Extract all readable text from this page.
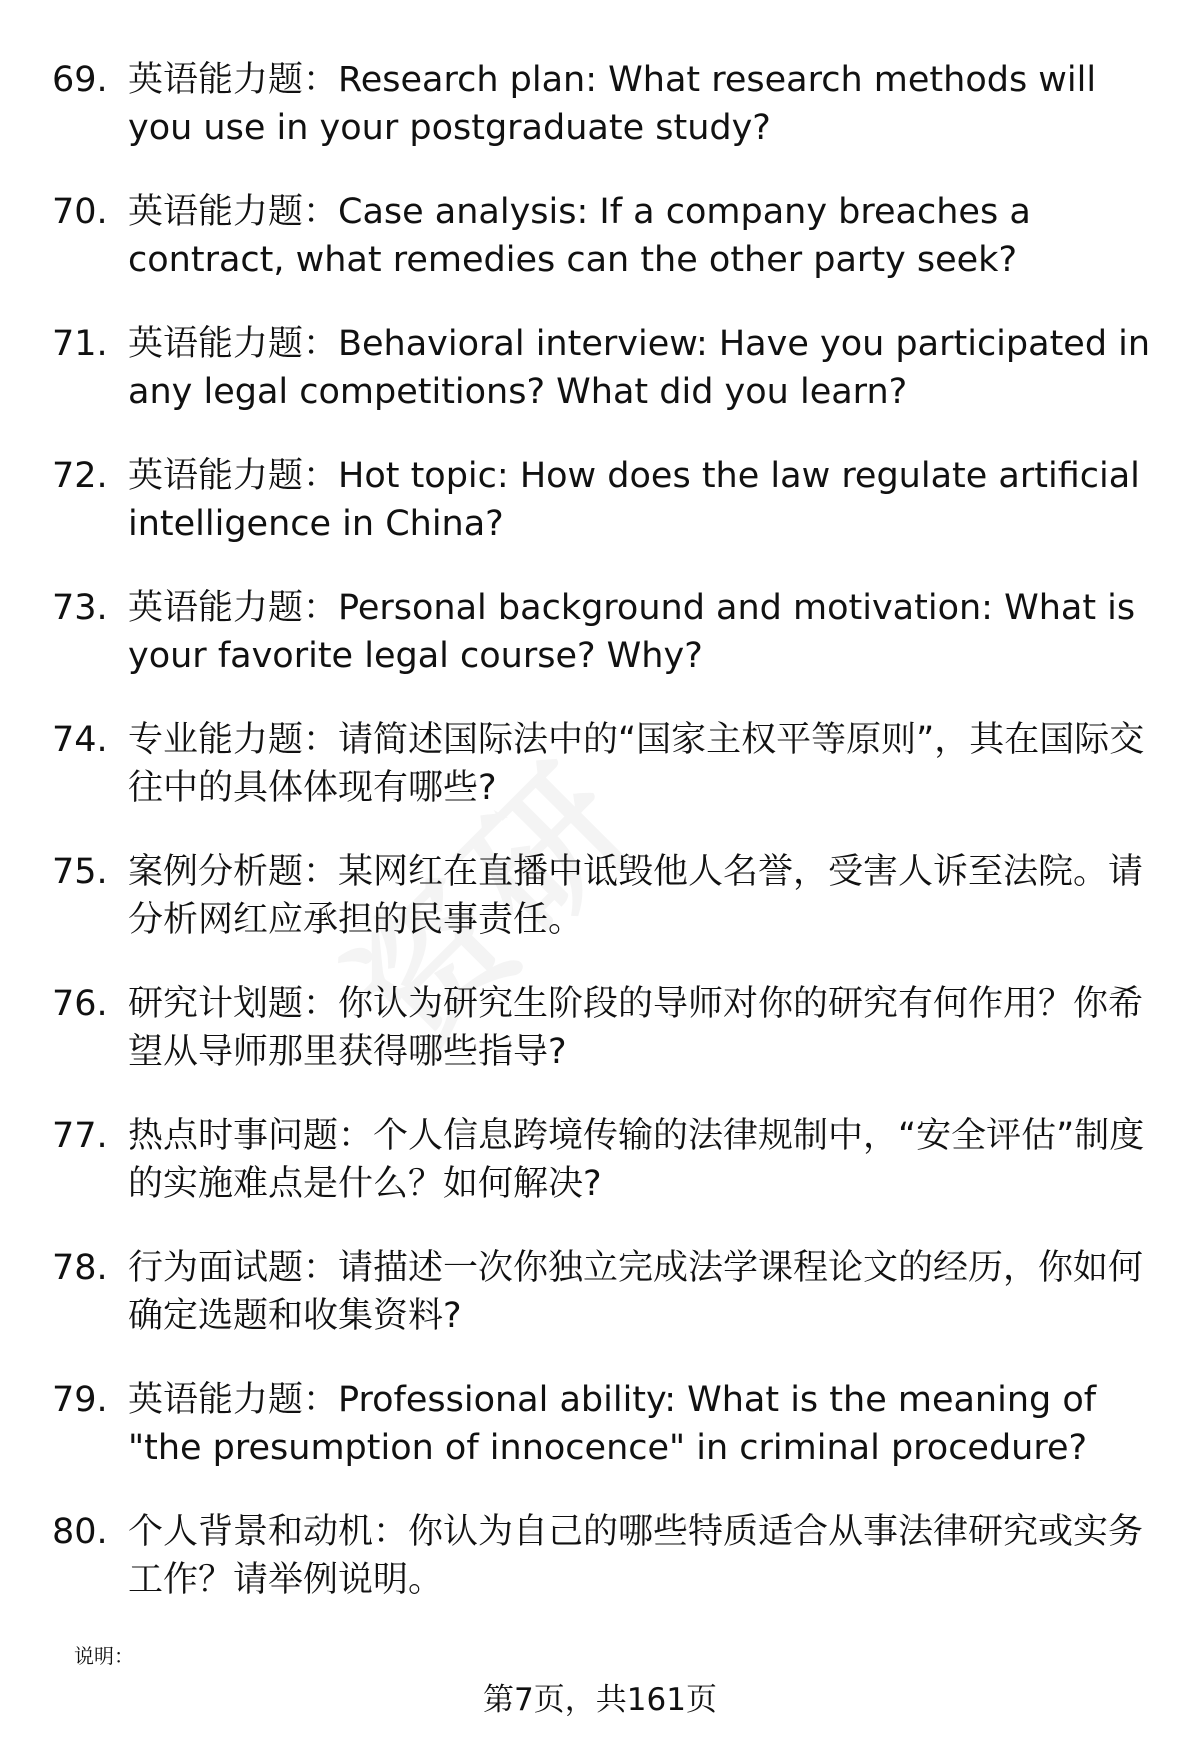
69. 英语能力题：Research plan: What research methods will you use in your postgraduate study?
70. 英语能力题：Case analysis: If a company breaches a contract, what remedies can the other party seek?
71. 英语能力题：Behavioral interview: Have you participated in any legal competitions? What did you learn?
72. 英语能力题：Hot topic: How does the law regulate artificial intelligence in China?
73. 英语能力题：Personal background and motivation: What is your favorite legal course? Why?
74. 专业能力题：请简述国际法中的“国家主权平等原则”，其在国际交往中的具体体现有哪些?
75. 案例分析题：某网红在直播中诋毁他人名誉，受害人诉至法院。请分析网红应承担的民事责任。
76. 研究计划题：你认为研究生阶段的导师对你的研究有何作用？你希望从导师那里获得哪些指导?
77. 热点时事问题：个人信息跨境传输的法律规制中，“安全评估”制度的实施难点是什么？如何解决?
78. 行为面试题：请描述一次你独立完成法学课程论文的经历，你如何确定选题和收集资料?
79. 英语能力题：Professional ability: What is the meaning of "the presumption of innocence" in criminal procedure?
80. 个人背景和动机：你认为自己的哪些特质适合从事法律研究或实务工作？请举例说明。
说明：
第7页，共161页
